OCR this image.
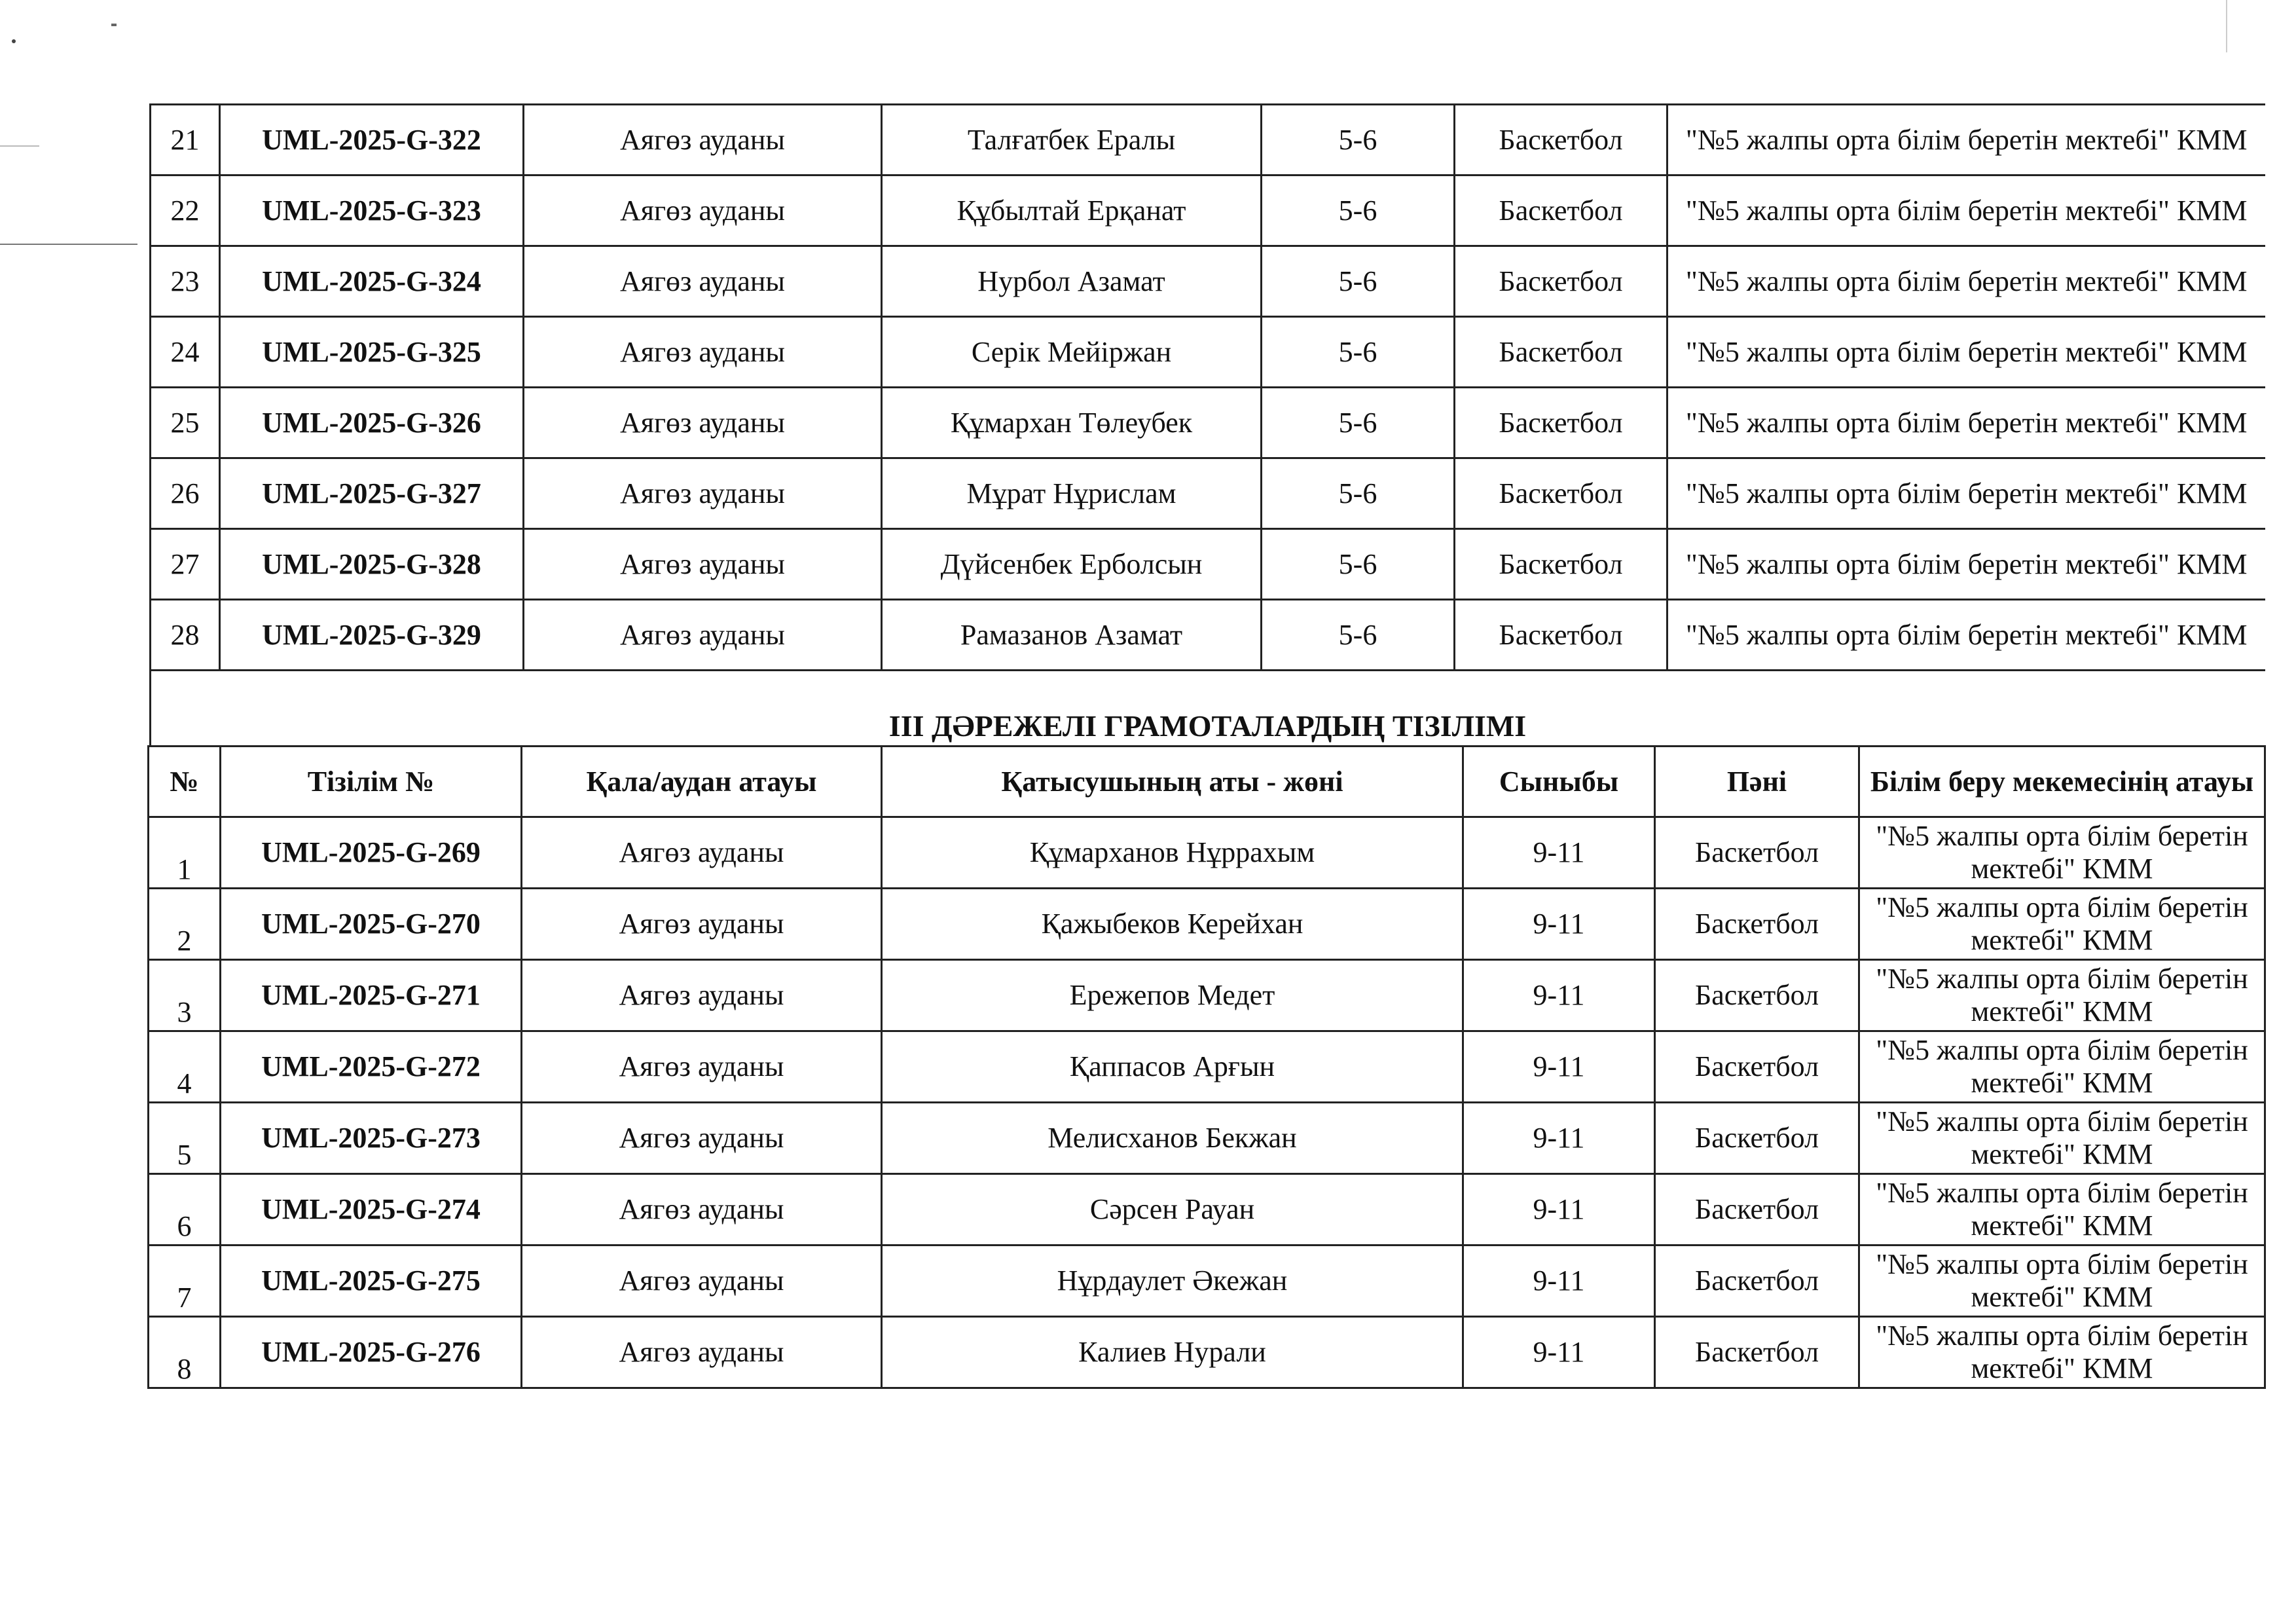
21	UML-2025-G-322	Аягөз ауданы	Талғатбек Ералы	5-6	Баскетбол	"№5 жалпы орта білім беретін мектебі" КММ
22	UML-2025-G-323	Аягөз ауданы	Құбылтай Ерқанат	5-6	Баскетбол	"№5 жалпы орта білім беретін мектебі" КММ
23	UML-2025-G-324	Аягөз ауданы	Нурбол Азамат	5-6	Баскетбол	"№5 жалпы орта білім беретін мектебі" КММ
24	UML-2025-G-325	Аягөз ауданы	Серік Мейіржан	5-6	Баскетбол	"№5 жалпы орта білім беретін мектебі" КММ
25	UML-2025-G-326	Аягөз ауданы	Құмархан Төлеубек	5-6	Баскетбол	"№5 жалпы орта білім беретін мектебі" КММ
26	UML-2025-G-327	Аягөз ауданы	Мұрат Нұрислам	5-6	Баскетбол	"№5 жалпы орта білім беретін мектебі" КММ
27	UML-2025-G-328	Аягөз ауданы	Дүйсенбек Ерболсын	5-6	Баскетбол	"№5 жалпы орта білім беретін мектебі" КММ
28	UML-2025-G-329	Аягөз ауданы	Рамазанов Азамат	5-6	Баскетбол	"№5 жалпы орта білім беретін мектебі" КММ
ІІІ ДӘРЕЖЕЛІ ГРАМОТАЛАРДЫҢ ТІЗІЛІМІ
№	Тізілім №	Қала/аудан атауы	Қатысушының аты - жөні	Сыныбы	Пәні	Білім беру мекемесінің атауы
1	UML-2025-G-269	Аягөз ауданы	Құмарханов Нұррахым	9-11	Баскетбол	"№5 жалпы орта білім беретін мектебі" КММ
2	UML-2025-G-270	Аягөз ауданы	Қажыбеков Керейхан	9-11	Баскетбол	"№5 жалпы орта білім беретін мектебі" КММ
3	UML-2025-G-271	Аягөз ауданы	Ережепов Медет	9-11	Баскетбол	"№5 жалпы орта білім беретін мектебі" КММ
4	UML-2025-G-272	Аягөз ауданы	Қаппасов Арғын	9-11	Баскетбол	"№5 жалпы орта білім беретін мектебі" КММ
5	UML-2025-G-273	Аягөз ауданы	Мелисханов Бекжан	9-11	Баскетбол	"№5 жалпы орта білім беретін мектебі" КММ
6	UML-2025-G-274	Аягөз ауданы	Сәрсен Рауан	9-11	Баскетбол	"№5 жалпы орта білім беретін мектебі" КММ
7	UML-2025-G-275	Аягөз ауданы	Нұрдаулет Әкежан	9-11	Баскетбол	"№5 жалпы орта білім беретін мектебі" КММ
8	UML-2025-G-276	Аягөз ауданы	Калиев Нурали	9-11	Баскетбол	"№5 жалпы орта білім беретін мектебі" КММ
